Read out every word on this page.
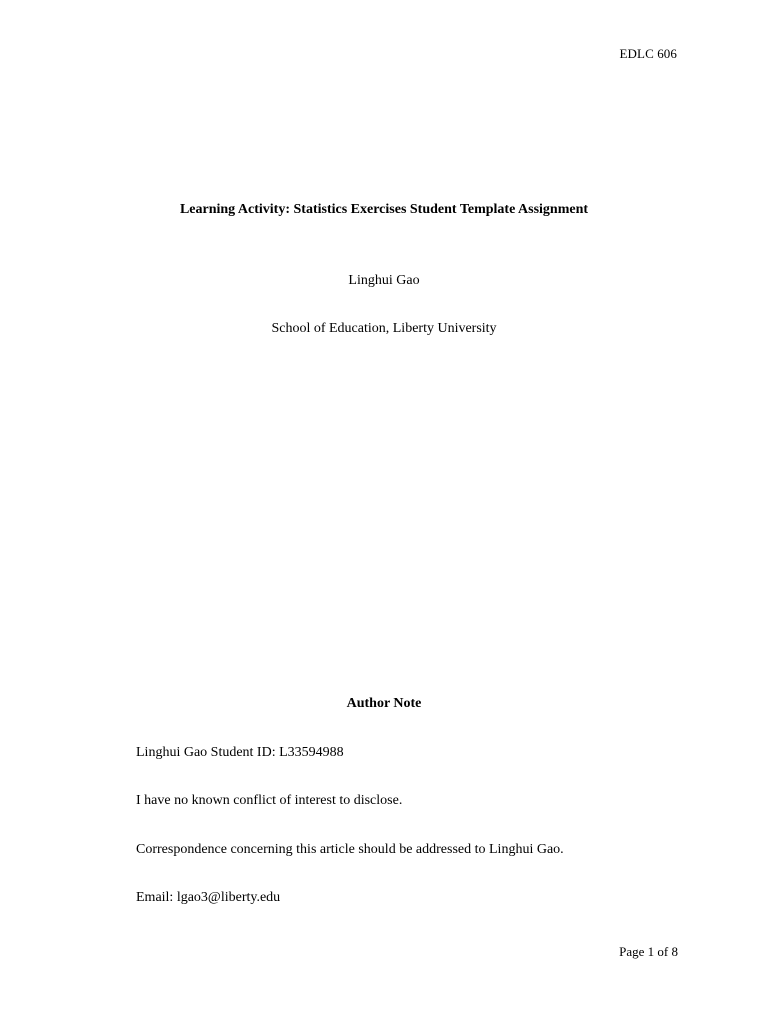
EDLC 606
Learning Activity: Statistics Exercises Student Template Assignment
Linghui Gao
School of Education, Liberty University
Author Note
Linghui Gao Student ID: L33594988
I have no known conflict of interest to disclose.
Correspondence concerning this article should be addressed to Linghui Gao.
Email: lgao3@liberty.edu
Page 1 of 8
